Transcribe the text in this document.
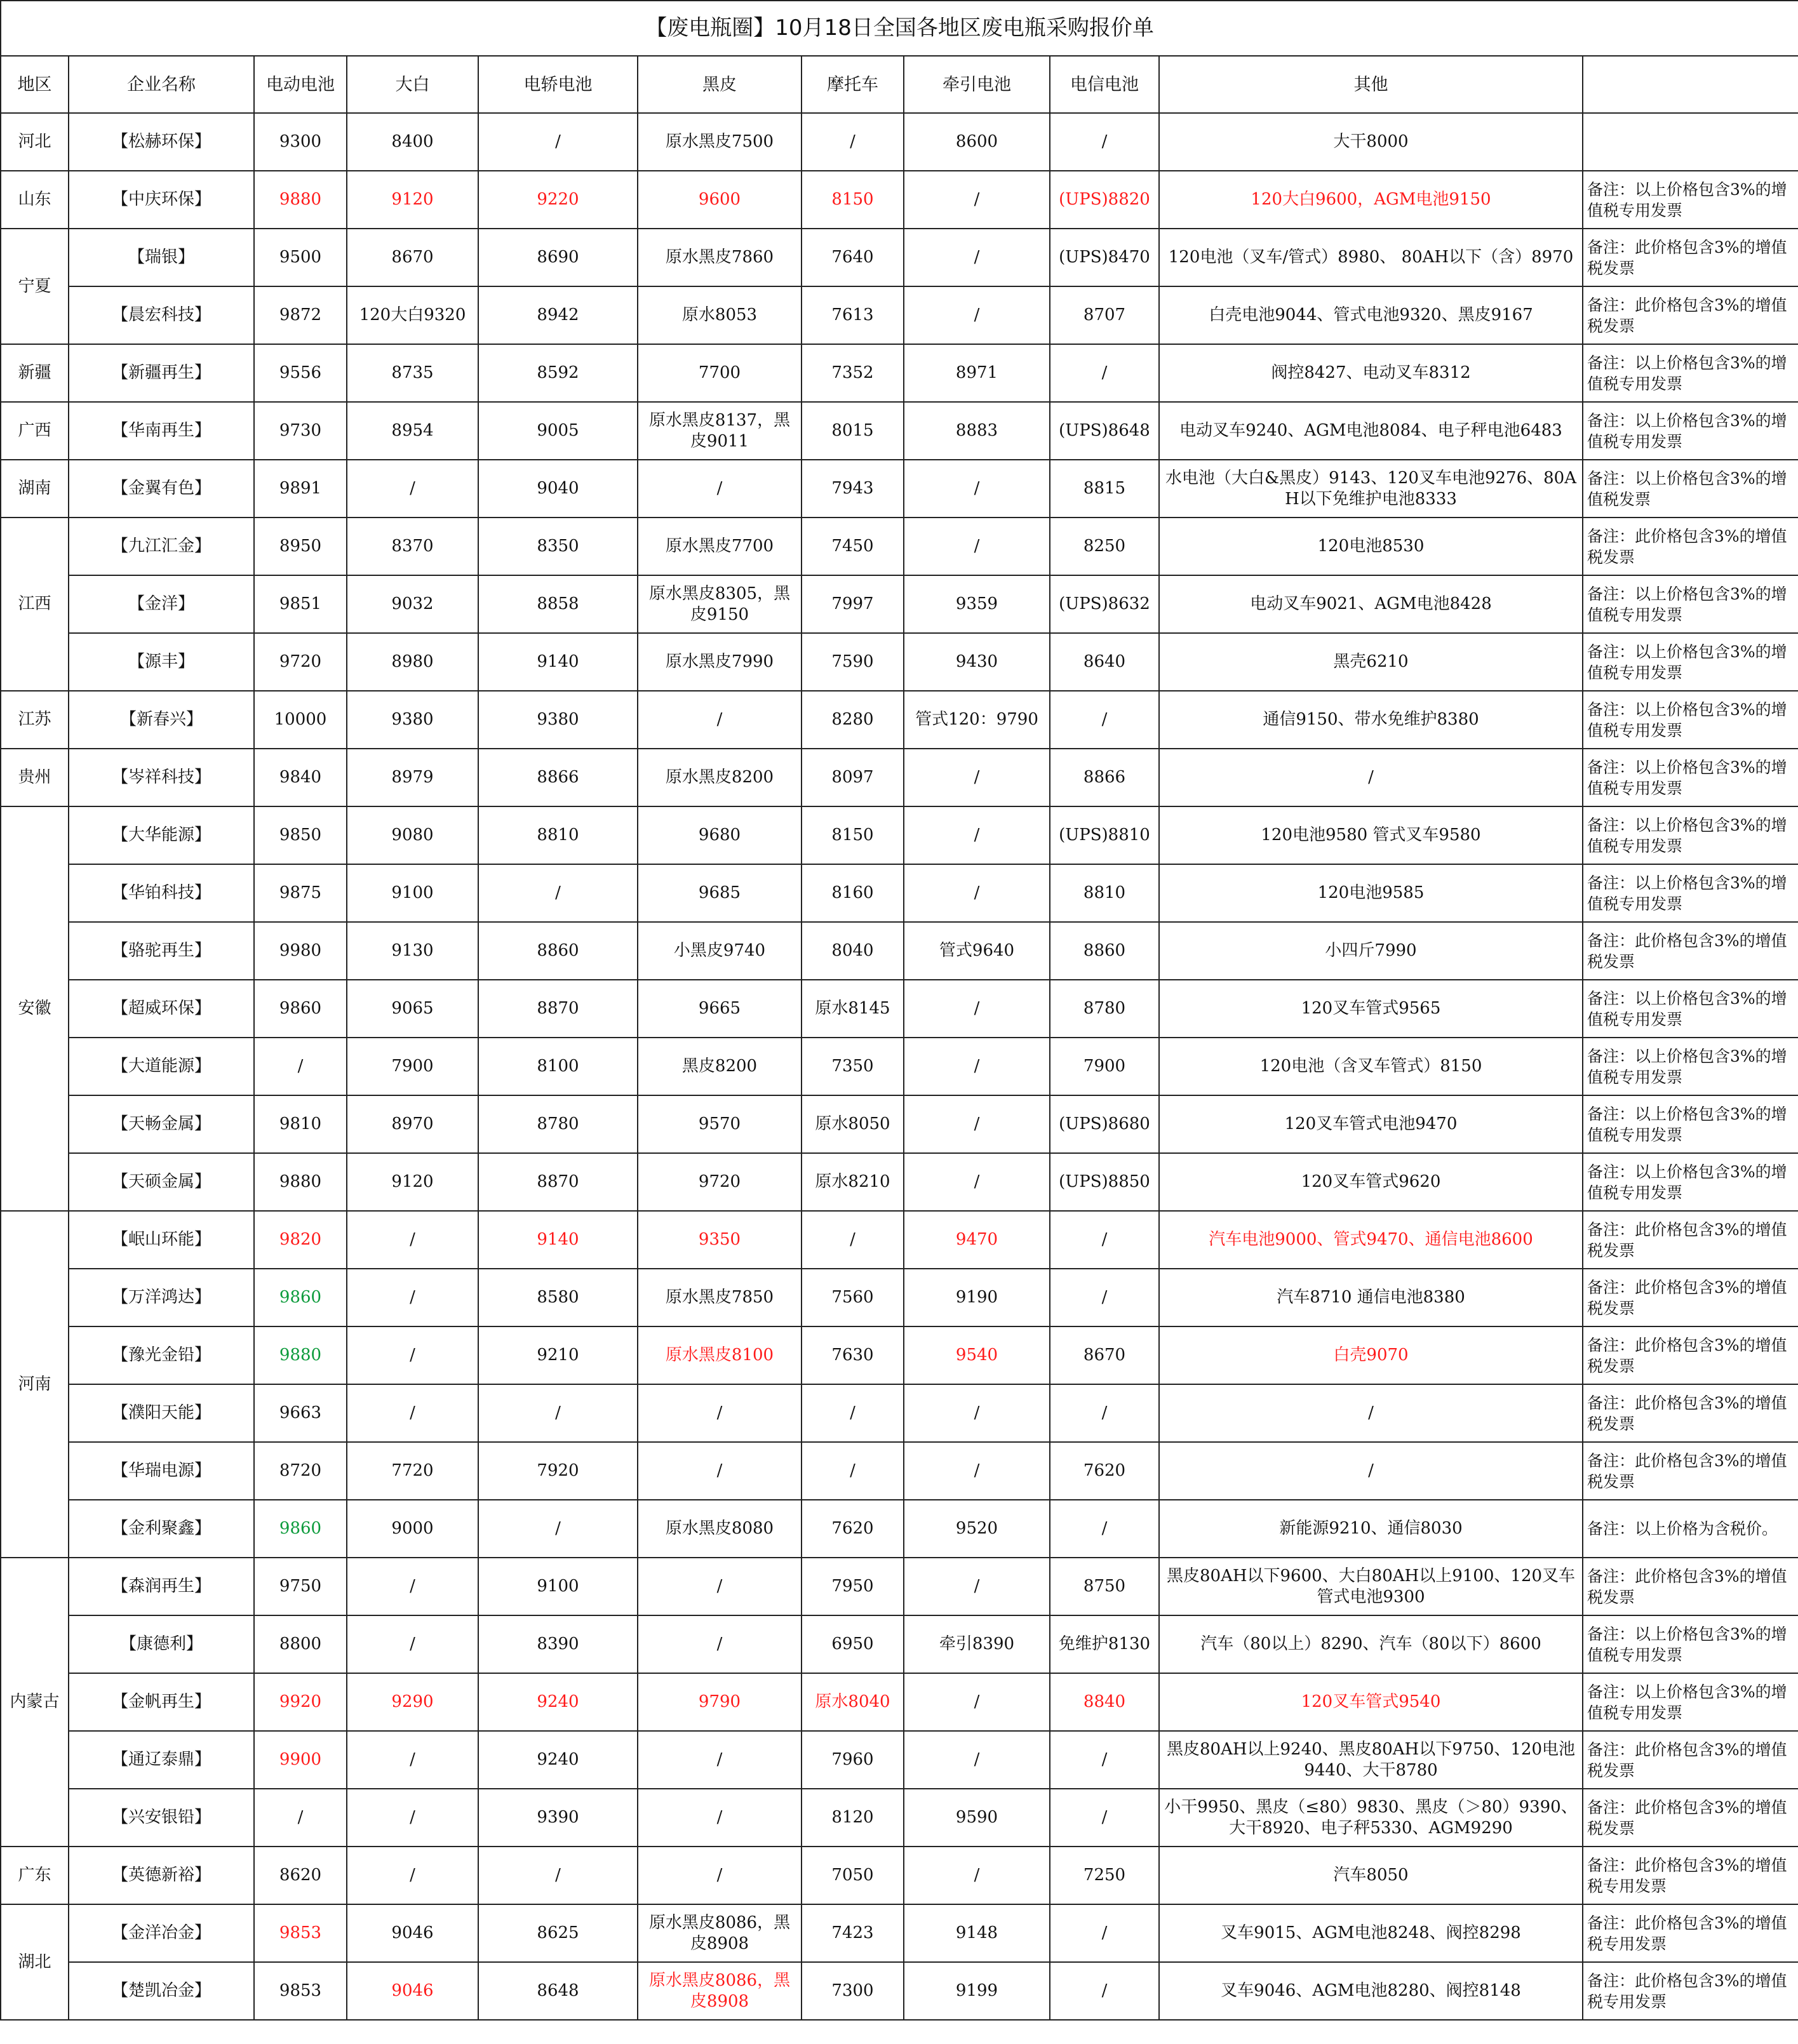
【废电瓶圈】10月18日全国各地区废电瓶采购报价单										
地区	企业名称	电动电池	大白	电轿电池	黑皮	摩托车	牵引电池	电信电池	其他	
河北	【松赫环保】	9300	8400	/	原水黑皮7500	/	8600	/	大干8000	
山东	【中庆环保】	9880	9120	9220	9600	8150	/	(UPS)8820	120大白9600，AGM电池9150	备注：以上价格包含3%的增值税专用发票
宁夏	【瑞银】	9500	8670	8690	原水黑皮7860	7640	/	(UPS)8470	120电池（叉车/管式）8980、 80AH以下（含）8970	备注：此价格包含3%的增值税发票
	【晨宏科技】	9872	120大白9320	8942	原水8053	7613	/	8707	白壳电池9044、管式电池9320、黑皮9167	备注：此价格包含3%的增值税发票
新疆	【新疆再生】	9556	8735	8592	7700	7352	8971	/	阀控8427、电动叉车8312	备注：以上价格包含3%的增值税专用发票
广西	【华南再生】	9730	8954	9005	原水黑皮8137，黑皮9011	8015	8883	(UPS)8648	电动叉车9240、AGM电池8084、电子秤电池6483	备注：以上价格包含3%的增值税专用发票
湖南	【金翼有色】	9891	/	9040	/	7943	/	8815	水电池（大白&黑皮）9143、120叉车电池9276、80AH以下免维护电池8333	备注：以上价格包含3%的增值税发票
江西	【九江汇金】	8950	8370	8350	原水黑皮7700	7450	/	8250	120电池8530	备注：此价格包含3%的增值税发票
	【金洋】	9851	9032	8858	原水黑皮8305，黑皮9150	7997	9359	(UPS)8632	电动叉车9021、AGM电池8428	备注：以上价格包含3%的增值税专用发票
	【源丰】	9720	8980	9140	原水黑皮7990	7590	9430	8640	黑壳6210	备注：以上价格包含3%的增值税专用发票
江苏	【新春兴】	10000	9380	9380	/	8280	管式120：9790	/	通信9150、带水免维护8380	备注：以上价格包含3%的增值税专用发票
贵州	【岑祥科技】	9840	8979	8866	原水黑皮8200	8097	/	8866	/	备注：以上价格包含3%的增值税专用发票
安徽	【大华能源】	9850	9080	8810	9680	8150	/	(UPS)8810	120电池9580 管式叉车9580	备注：以上价格包含3%的增值税专用发票
	【华铂科技】	9875	9100	/	9685	8160	/	8810	120电池9585	备注：以上价格包含3%的增值税专用发票
	【骆驼再生】	9980	9130	8860	小黑皮9740	8040	管式9640	8860	小四斤7990	备注：此价格包含3%的增值税发票
	【超威环保】	9860	9065	8870	9665	原水8145	/	8780	120叉车管式9565	备注：以上价格包含3%的增值税专用发票
	【大道能源】	/	7900	8100	黑皮8200	7350	/	7900	120电池（含叉车管式）8150	备注：以上价格包含3%的增值税专用发票
	【天畅金属】	9810	8970	8780	9570	原水8050	/	(UPS)8680	120叉车管式电池9470	备注：以上价格包含3%的增值税专用发票
	【天硕金属】	9880	9120	8870	9720	原水8210	/	(UPS)8850	120叉车管式9620	备注：以上价格包含3%的增值税专用发票
河南	【岷山环能】	9820	/	9140	9350	/	9470	/	汽车电池9000、管式9470、通信电池8600	备注：此价格包含3%的增值税发票
	【万洋鸿达】	9860	/	8580	原水黑皮7850	7560	9190	/	汽车8710 通信电池8380	备注：此价格包含3%的增值税发票
	【豫光金铅】	9880	/	9210	原水黑皮8100	7630	9540	8670	白壳9070	备注：此价格包含3%的增值税发票
	【濮阳天能】	9663	/	/	/	/	/	/	/	备注：此价格包含3%的增值税发票
	【华瑞电源】	8720	7720	7920	/	/	/	7620	/	备注：此价格包含3%的增值税发票
	【金利聚鑫】	9860	9000	/	原水黑皮8080	7620	9520	/	新能源9210、通信8030	备注：以上价格为含税价。
内蒙古	【森润再生】	9750	/	9100	/	7950	/	8750	黑皮80AH以下9600、大白80AH以上9100、120叉车管式电池9300	备注：此价格包含3%的增值税发票
	【康德利】	8800	/	8390	/	6950	牵引8390	免维护8130	汽车（80以上）8290、汽车（80以下）8600	备注：以上价格包含3%的增值税专用发票
	【金帆再生】	9920	9290	9240	9790	原水8040	/	8840	120叉车管式9540	备注：以上价格包含3%的增值税专用发票
	【通辽泰鼎】	9900	/	9240	/	7960	/	/	黑皮80AH以上9240、黑皮80AH以下9750、120电池9440、大干8780	备注：此价格包含3%的增值税发票
	【兴安银铅】	/	/	9390	/	8120	9590	/	小干9950、黑皮（≤80）9830、黑皮（＞80）9390、大干8920、电子秤5330、AGM9290	备注：此价格包含3%的增值税发票
广东	【英德新裕】	8620	/	/	/	7050	/	7250	汽车8050	备注：此价格包含3%的增值税专用发票
湖北	【金洋冶金】	9853	9046	8625	原水黑皮8086，黑皮8908	7423	9148	/	叉车9015、AGM电池8248、阀控8298	备注：此价格包含3%的增值税专用发票
	【楚凯冶金】	9853	9046	8648	原水黑皮8086，黑皮8908	7300	9199	/	叉车9046、AGM电池8280、阀控8148	备注：此价格包含3%的增值税专用发票
